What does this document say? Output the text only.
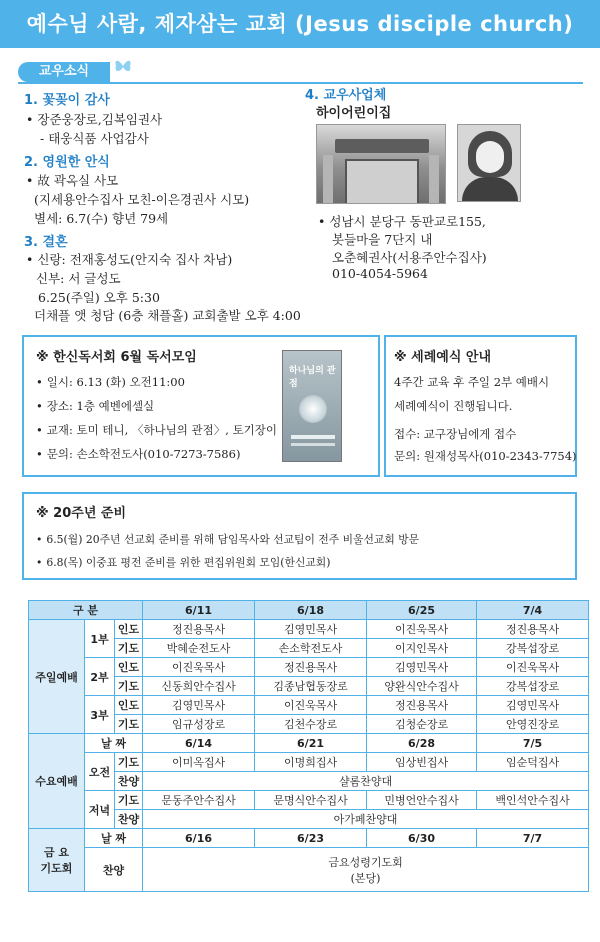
예수님 사람, 제자삼는 교회 (Jesus disciple church)
교우소식
1. 꽃꽂이 감사
• 장준웅장로,김복임권사
- 태웅식품 사업감사
2. 영원한 안식
• 故 곽옥실 사모
(지세용안수집사 모친-이은경권사 시모)
별세: 6.7(수) 향년 79세
3. 결혼
• 신랑: 전재홍성도(안지숙 집사 차남)
신부: 서 글성도
6.25(주일) 오후 5:30
더채플 앳 청담 (6층 채플홀) 교회출발 오후 4:00
4. 교우사업체
하이어린이집
• 성남시 분당구 동판교로155,
봇들마을 7단지 내
오춘혜권사(서용주안수집사)
010-4054-5964
※ 한신독서회 6월 독서모임
• 일시: 6.13 (화) 오전11:00
• 장소: 1층 예벤에셀실
• 교재: 토미 테니, 〈하나님의 관점〉, 토기장이
• 문의: 손소학전도사(010-7273-7586)
하나님의 관점
※ 세례예식 안내
4주간 교육 후 주일 2부 예배시
세례예식이 진행됩니다.
접수: 교구장님에게 접수
문의: 원재성목사(010-2343-7754)
※ 20주년 준비
• 6.5(월) 20주년 선교회 준비를 위해 담임목사와 선교팀이 전주 비울선교회 방문
• 6.8(목) 이중표 평전 준비를 위한 편집위원회 모임(한신교회)
구 분			6/11	6/18	6/25	7/4
주일예배	1부	인도	정진용목사	김영민목사	이진욱목사	정진용목사
		기도	박혜순전도사	손소학전도사	이지인목사	강복섭장로
	2부	인도	이진욱목사	정진용목사	김영민목사	이진욱목사
		기도	신동희안수집사	김종남협동장로	양완식안수집사	강복섭장로
	3부	인도	김영민목사	이진욱목사	정진용목사	김영민목사
		기도	임규성장로	김천수장로	김청순장로	안영진장로
수요예배	날 짜		6/14	6/21	6/28	7/5
	오전	기도	이미옥집사	이명희집사	임상빈집사	임순덕집사
		찬양	샬롬찬양대			
	저녁	기도	문동주안수집사	문명식안수집사	민병언안수집사	백인석안수집사
		찬양	아가페찬양대			

금 요
기도회	날 짜		6/16	6/23	6/30	7/7
	찬양		금요성령기도회
(본당)			
